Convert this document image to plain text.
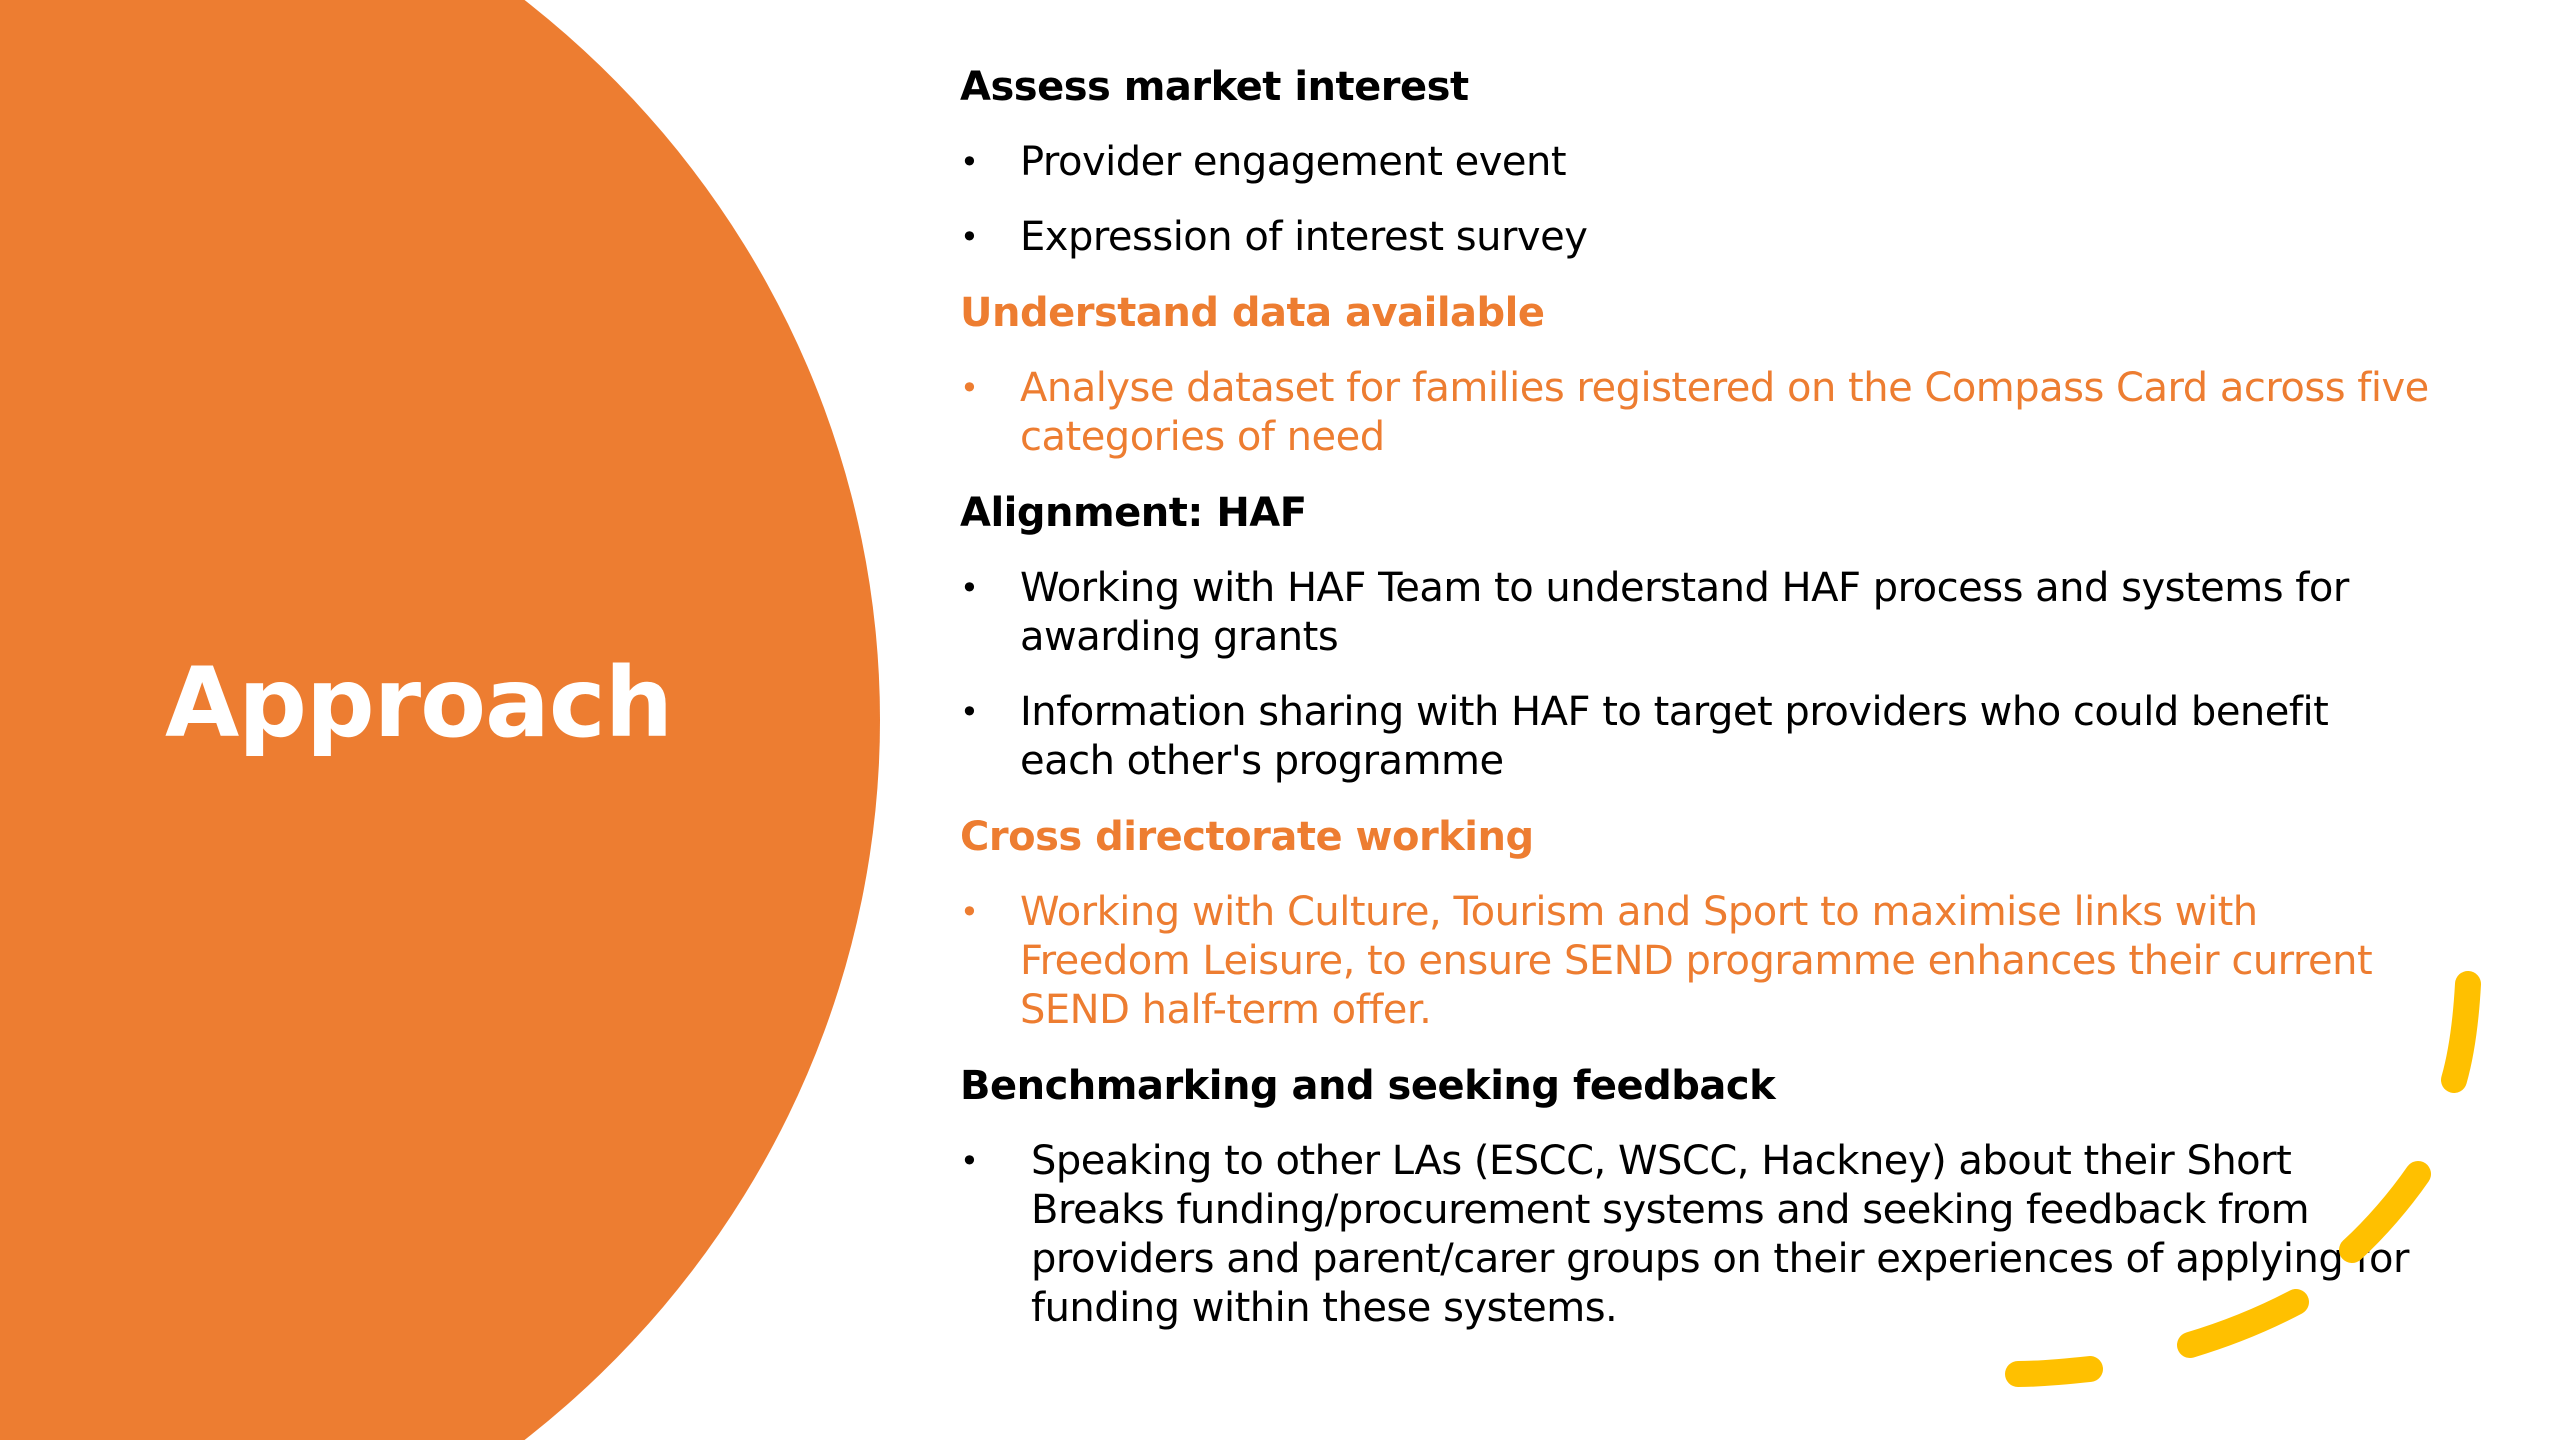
Approach
Assess market interest
• Provider engagement event
• Expression of interest survey
Understand data available
• Analyse dataset for families registered on the Compass Card across five categories of need
Alignment: HAF
• Working with HAF Team to understand HAF process and systems for awarding grants
• Information sharing with HAF to target providers who could benefit each other's programme
Cross directorate working
• Working with Culture, Tourism and Sport to maximise links with Freedom Leisure, to ensure SEND programme enhances their current SEND half-term offer.
Benchmarking and seeking feedback
• Speaking to other LAs (ESCC, WSCC, Hackney) about their Short Breaks funding/procurement systems and seeking feedback from providers and parent/carer groups on their experiences of applying for funding within these systems.
